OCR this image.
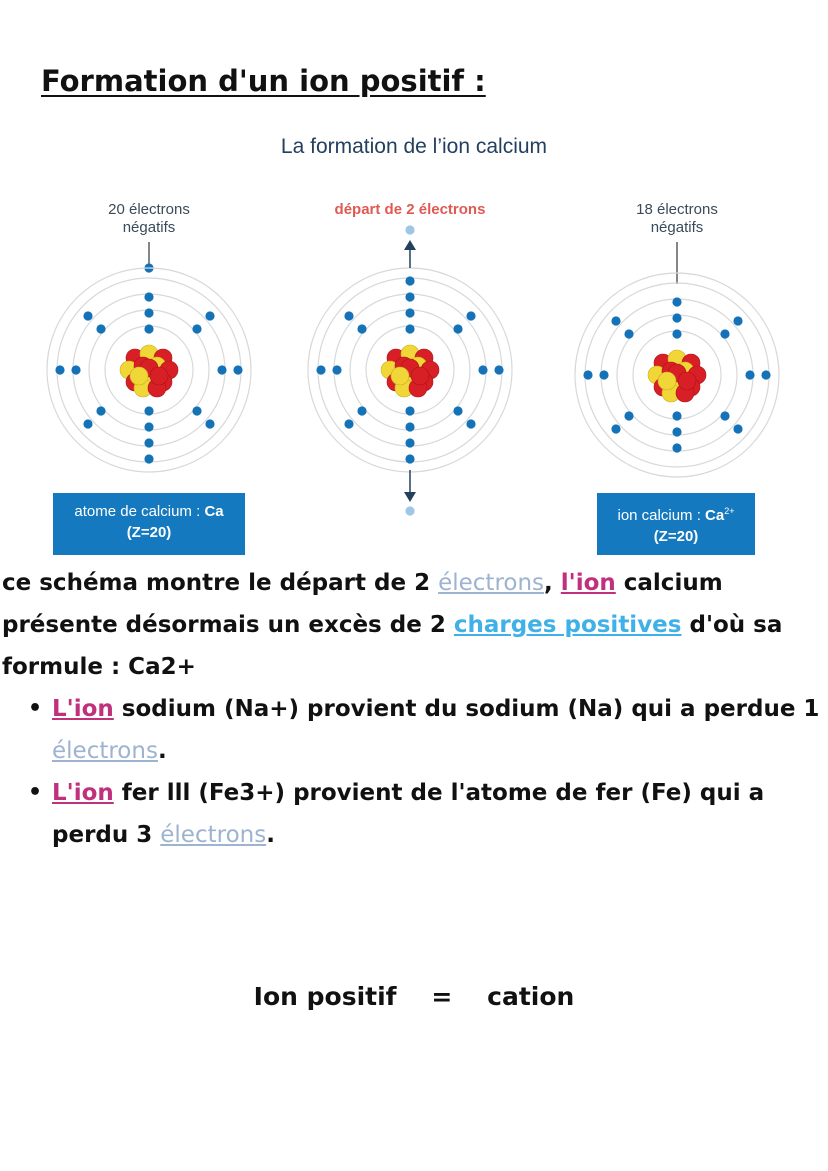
Formation d'un ion positif :
La formation de l’ion calcium
20 électrons
négatifs
départ de 2 électrons	18 électrons
négatifs
atome de calcium : Ca
(Z=20)
ion calcium : $Ca^{2+}$
(Z=20)

ce schéma montre le départ de 2 électrons, l'ion calcium présente désormais un excès de 2 charges positives d'où sa formule : Ca2+

• L'ion sodium (Na+) provient du sodium (Na) qui a perdue 1 électrons.
• L'ion fer lll (Fe3+) provient de l'atome de fer (Fe) qui a perdu 3 électrons.
Ion positif = cation
